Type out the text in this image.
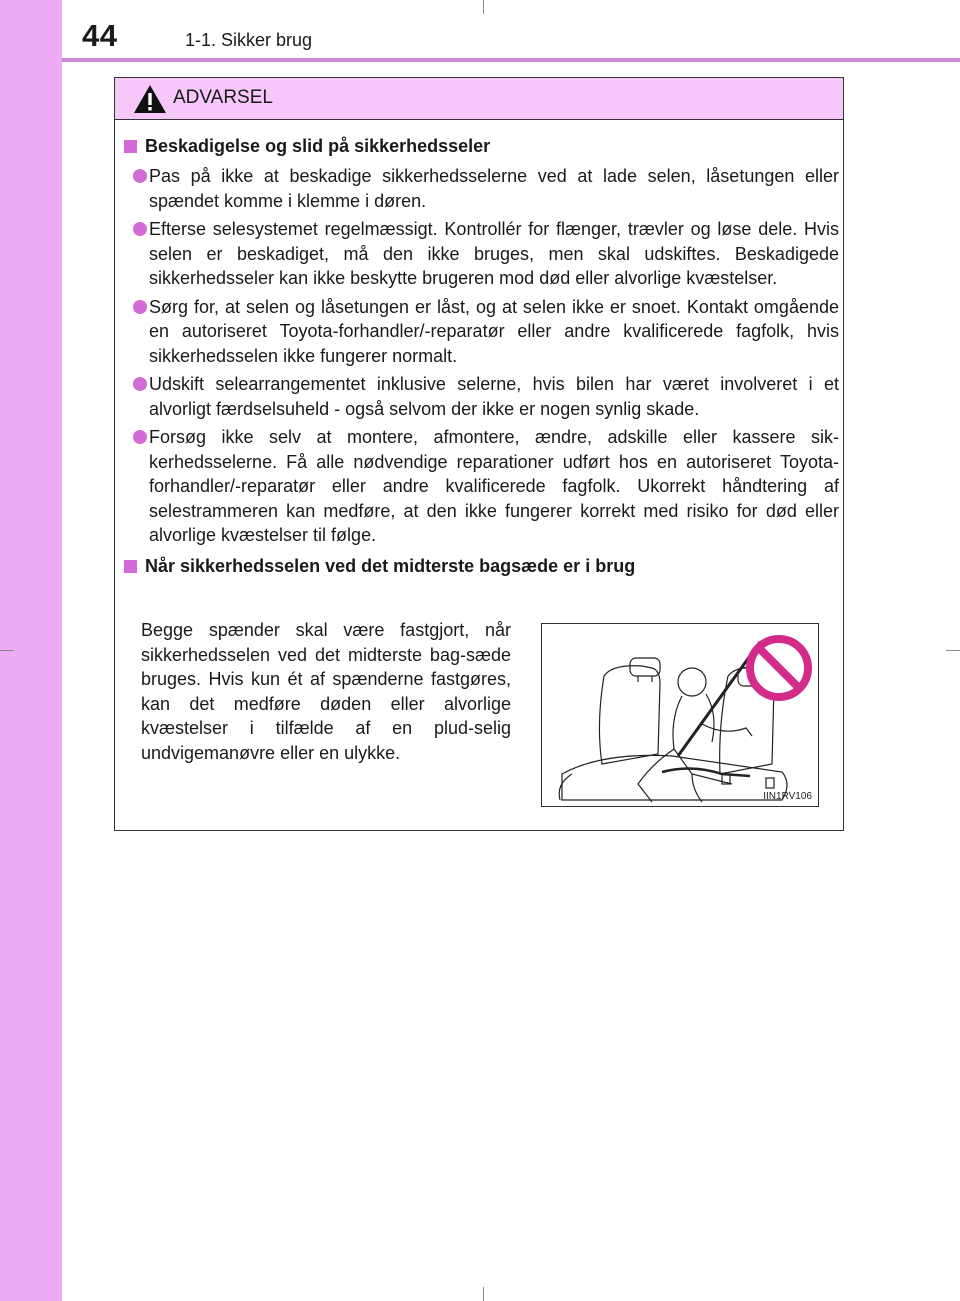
44	1-1. Sikker brug
ADVARSEL
Beskadigelse og slid på sikkerhedsseler
Pas på ikke at beskadige sikkerhedsselerne ved at lade selen, låsetungen eller spændet komme i klemme i døren.
Efterse selesystemet regelmæssigt. Kontrollér for flænger, trævler og løse dele. Hvis selen er beskadiget, må den ikke bruges, men skal udskiftes. Beskadigede sikkerhedsseler kan ikke beskytte brugeren mod død eller alvorlige kvæstelser.
Sørg for, at selen og låsetungen er låst, og at selen ikke er snoet. Kontakt omgående en autoriseret Toyota-forhandler/-reparatør eller andre kvalificerede fagfolk, hvis sikkerhedsselen ikke fungerer normalt.
Udskift selearrangementet inklusive selerne, hvis bilen har været involveret i et alvorligt færdselsuheld - også selvom der ikke er nogen synlig skade.
Forsøg ikke selv at montere, afmontere, ændre, adskille eller kassere sik-kerhedsselerne. Få alle nødvendige reparationer udført hos en autoriseret Toyota-forhandler/-reparatør eller andre kvalificerede fagfolk. Ukorrekt håndtering af selestrammeren kan medføre, at den ikke fungerer korrekt med risiko for død eller alvorlige kvæstelser til følge.
Når sikkerhedsselen ved det midterste bagsæde er i brug
Begge spænder skal være fastgjort, når sikkerhedsselen ved det midterste bag-sæde bruges. Hvis kun ét af spænderne fastgøres, kan det medføre døden eller alvorlige kvæstelser i tilfælde af en plud-selig undvigemanøvre eller en ulykke.
IIN1RV106
